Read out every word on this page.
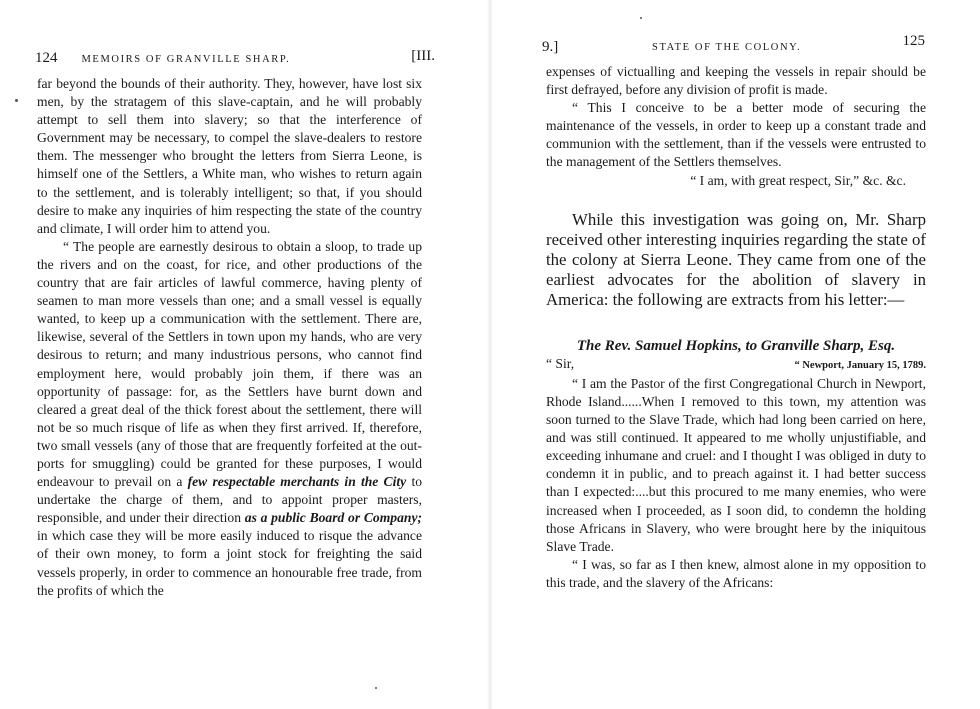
124 MEMOIRS OF GRANVILLE SHARP.	[III.

far beyond the bounds of their authority. They, however, have lost six men, by the stratagem of this slave-captain, and he will probably attempt to sell them into slavery; so that the interference of Government may be necessary, to compel the slave-dealers to restore them. The messenger who brought the letters from Sierra Leone, is himself one of the Settlers, a White man, who wishes to return again to the settlement, and is tolerably intelligent; so that, if you should desire to make any inquiries of him respecting the state of the country and climate, I will order him to attend you.

“ The people are earnestly desirous to obtain a sloop, to trade up the rivers and on the coast, for rice, and other productions of the country that are fair articles of lawful commerce, having plenty of seamen to man more vessels than one; and a small vessel is equally wanted, to keep up a communication with the settlement. There are, likewise, several of the Settlers in town upon my hands, who are very desirous to return; and many industrious persons, who cannot find employment here, would probably join them, if there was an opportunity of passage: for, as the Settlers have burnt down and cleared a great deal of the thick forest about the settlement, there will not be so much risque of life as when they first arrived. If, therefore, two small vessels (any of those that are frequently forfeited at the out-ports for smuggling) could be granted for these purposes, I would endeavour to prevail on a few respectable merchants in the City to undertake the charge of them, and to appoint proper masters, responsible, and under their direction as a public Board or Company; in which case they will be more easily induced to risque the advance of their own money, to form a joint stock for freighting the said vessels properly, in order to commence an honourable free trade, from the profits of which the

9.]	STATE OF THE COLONY.	125

expenses of victualling and keeping the vessels in repair should be first defrayed, before any division of profit is made.

“ This I conceive to be a better mode of securing the maintenance of the vessels, in order to keep up a constant trade and communion with the settlement, than if the vessels were entrusted to the management of the Settlers themselves.

“ I am, with great respect, Sir,” &c. &c.

While this investigation was going on, Mr. Sharp received other interesting inquiries regarding the state of the colony at Sierra Leone. They came from one of the earliest advocates for the abolition of slavery in America: the following are extracts from his letter:—

The Rev. Samuel Hopkins, to Granville Sharp, Esq.

“ Sir,	“ Newport, January 15, 1789.

“ I am the Pastor of the first Congregational Church in Newport, Rhode Island......When I removed to this town, my attention was soon turned to the Slave Trade, which had long been carried on here, and was still continued. It appeared to me wholly unjustifiable, and exceeding inhumane and cruel: and I thought I was obliged in duty to condemn it in public, and to preach against it. I had better success than I expected:....but this procured to me many enemies, who were increased when I proceeded, as I soon did, to condemn the holding those Africans in Slavery, who were brought here by the iniquitous Slave Trade.

“ I was, so far as I then knew, almost alone in my opposition to this trade, and the slavery of the Africans:
